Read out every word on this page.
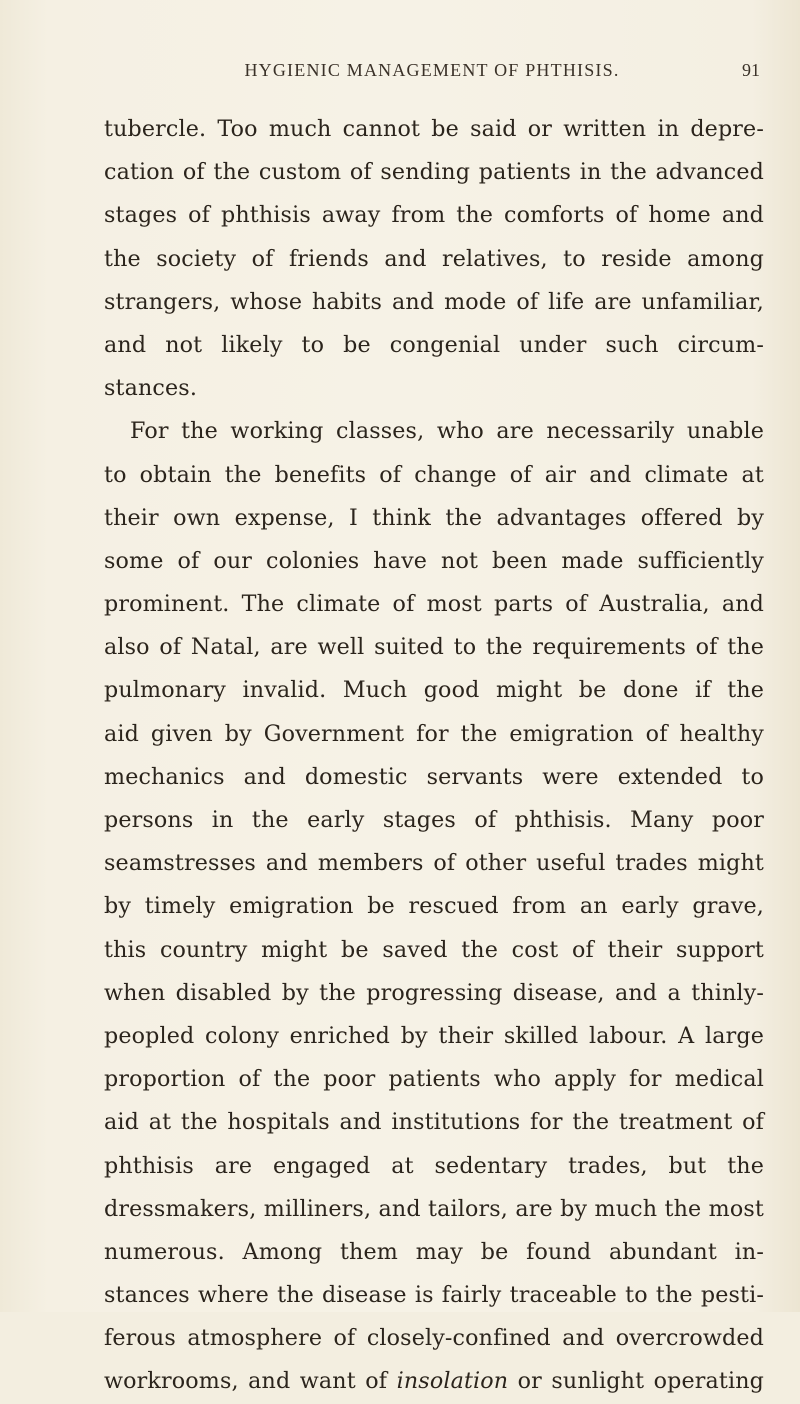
HYGIENIC MANAGEMENT OF PHTHISIS.	91
tubercle. Too much cannot be said or written in depre-
cation of the custom of sending patients in the advanced
stages of phthisis away from the comforts of home and
the society of friends and relatives, to reside among
strangers, whose habits and mode of life are unfamiliar,
and not likely to be congenial under such circum-
stances.
For the working classes, who are necessarily unable
to obtain the benefits of change of air and climate at
their own expense, I think the advantages offered by
some of our colonies have not been made sufficiently
prominent. The climate of most parts of Australia, and
also of Natal, are well suited to the requirements of the
pulmonary invalid. Much good might be done if the
aid given by Government for the emigration of healthy
mechanics and domestic servants were extended to
persons in the early stages of phthisis. Many poor
seamstresses and members of other useful trades might
by timely emigration be rescued from an early grave,
this country might be saved the cost of their support
when disabled by the progressing disease, and a thinly-
peopled colony enriched by their skilled labour. A large
proportion of the poor patients who apply for medical
aid at the hospitals and institutions for the treatment of
phthisis are engaged at sedentary trades, but the
dressmakers, milliners, and tailors, are by much the most
numerous. Among them may be found abundant in-
stances where the disease is fairly traceable to the pesti-
ferous atmosphere of closely-confined and overcrowded
workrooms, and want of insolation or sunlight operating
